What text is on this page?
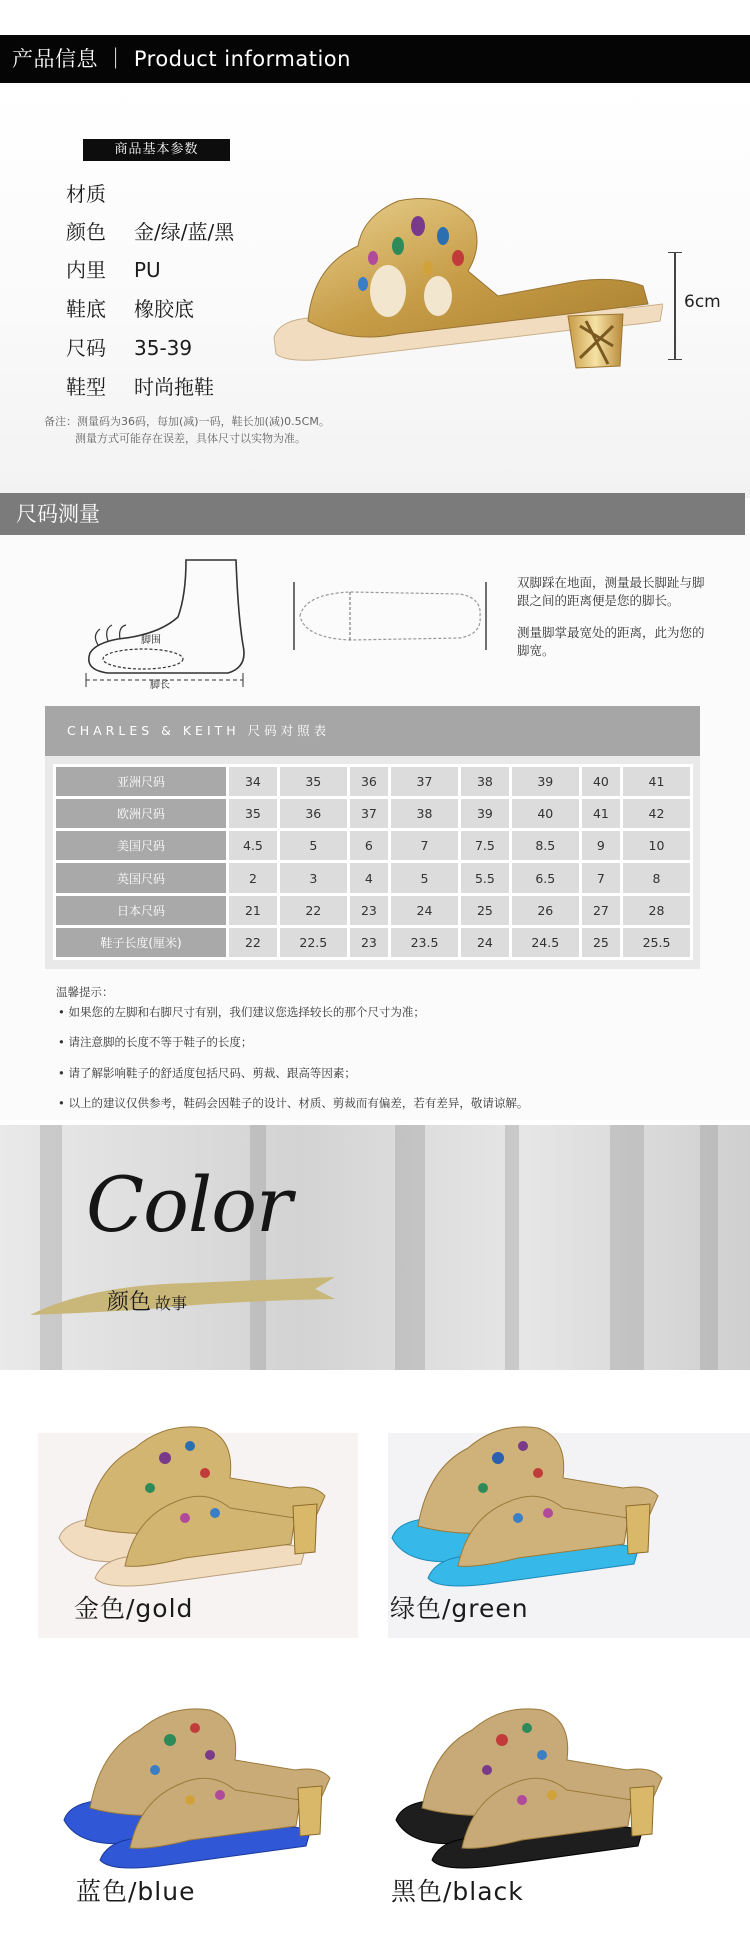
产品信息 ｜ Product information
商品基本参数
材质
颜色 金/绿/蓝/黑
内里 PU
鞋底 橡胶底
尺码 35-39
鞋型 时尚拖鞋
备注：测量码为36码，每加(减)一码，鞋长加(减)0.5CM。
测量方式可能存在误差，具体尺寸以实物为准。
6cm
尺码测量
脚围
脚长
双脚踩在地面，测量最长脚趾与脚
跟之间的距离便是您的脚长。
测量脚掌最宽处的距离，此为您的
脚宽。
CHARLES & KEITH 尺码对照表
亚洲尺码	34	35	36	37	38	39	40	41
欧洲尺码	35	36	37	38	39	40	41	42
美国尺码	4.5	5	6	7	7.5	8.5	9	10
英国尺码	2	3	4	5	5.5	6.5	7	8
日本尺码	21	22	23	24	25	26	27	28
鞋子长度(厘米)	22	22.5	23	23.5	24	24.5	25	25.5
温馨提示：
• 如果您的左脚和右脚尺寸有别，我们建议您选择较长的那个尺寸为准；
• 请注意脚的长度不等于鞋子的长度；
• 请了解影响鞋子的舒适度包括尺码、剪裁、跟高等因素；
• 以上的建议仅供参考，鞋码会因鞋子的设计、材质、剪裁而有偏差，若有差异，敬请谅解。
Color
颜色 故事
金色/gold	绿色/green
蓝色/blue	黑色/black
